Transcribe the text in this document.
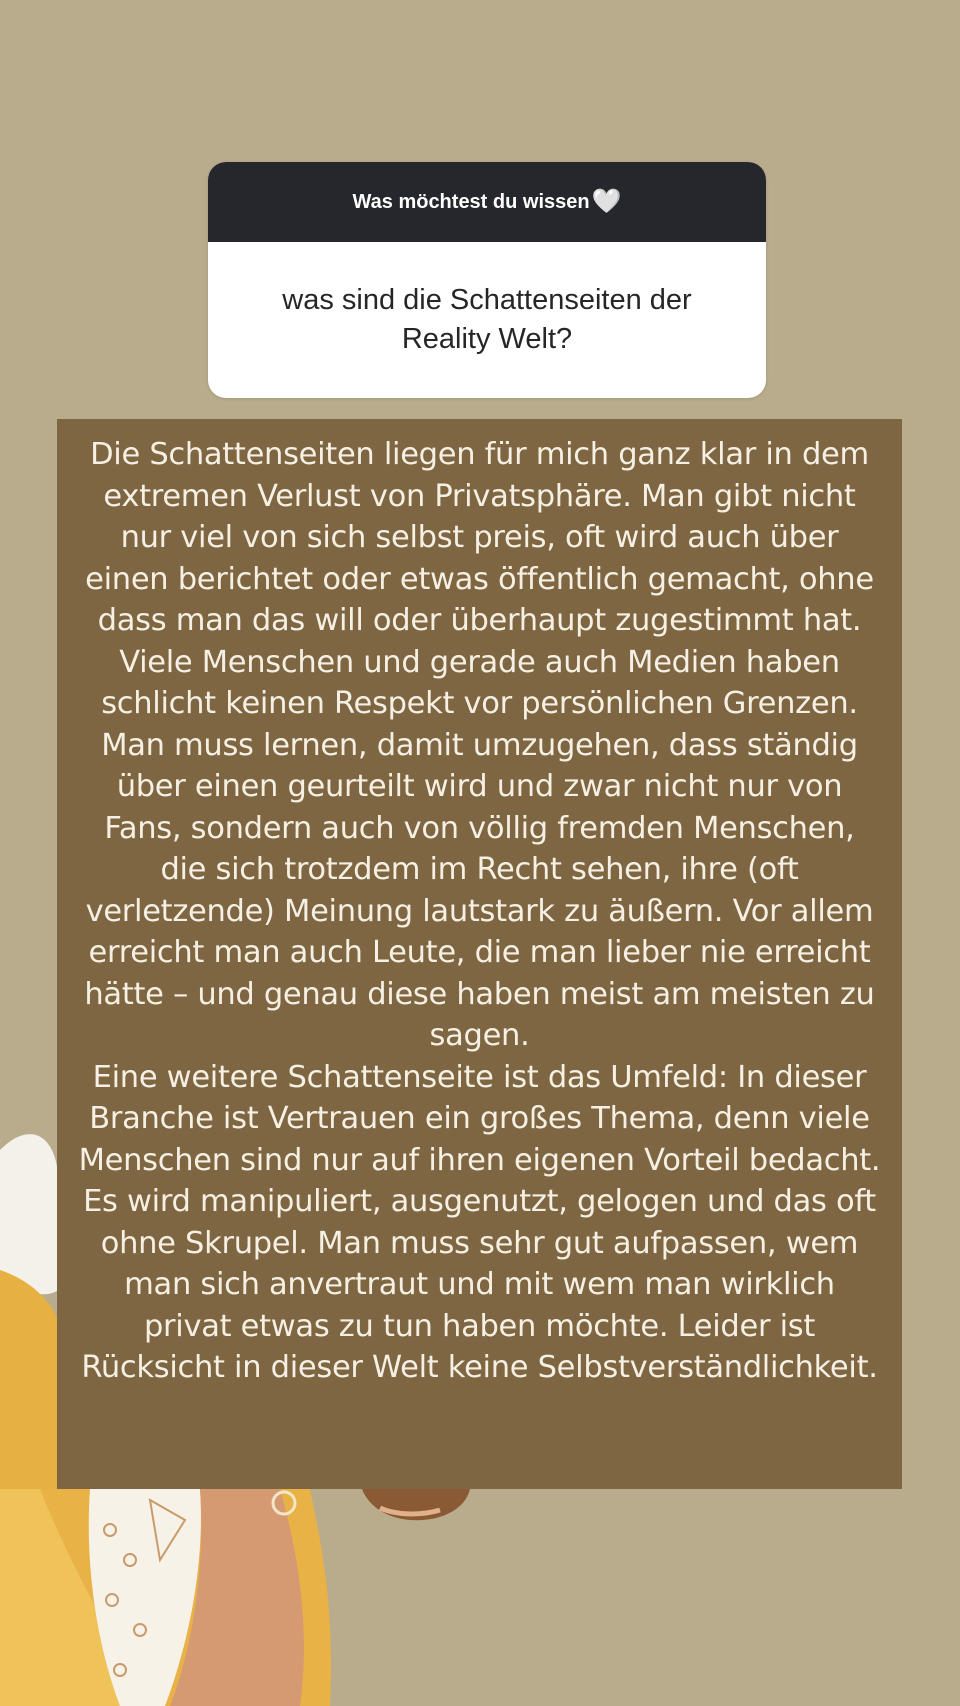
Was möchtest du wissen 🤍
was sind die Schattenseiten der Reality Welt?

Die Schattenseiten liegen für mich ganz klar in dem extremen Verlust von Privatsphäre. Man gibt nicht nur viel von sich selbst preis, oft wird auch über einen berichtet oder etwas öffentlich gemacht, ohne dass man das will oder überhaupt zugestimmt hat. Viele Menschen und gerade auch Medien haben schlicht keinen Respekt vor persönlichen Grenzen.

Man muss lernen, damit umzugehen, dass ständig über einen geurteilt wird und zwar nicht nur von Fans, sondern auch von völlig fremden Menschen, die sich trotzdem im Recht sehen, ihre (oft verletzende) Meinung lautstark zu äußern. Vor allem erreicht man auch Leute, die man lieber nie erreicht hätte – und genau diese haben meist am meisten zu sagen.

Eine weitere Schattenseite ist das Umfeld: In dieser Branche ist Vertrauen ein großes Thema, denn viele Menschen sind nur auf ihren eigenen Vorteil bedacht. Es wird manipuliert, ausgenutzt, gelogen und das oft ohne Skrupel. Man muss sehr gut aufpassen, wem man sich anvertraut und mit wem man wirklich privat etwas zu tun haben möchte. Leider ist Rücksicht in dieser Welt keine Selbstverständlichkeit.
